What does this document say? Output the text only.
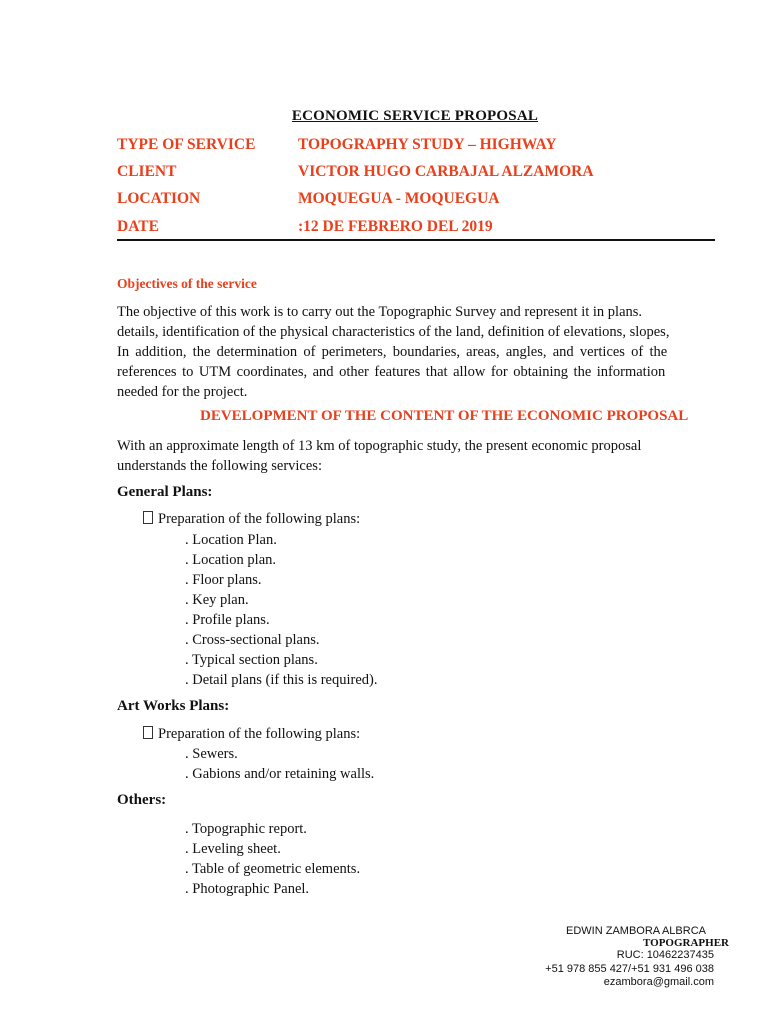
ECONOMIC SERVICE PROPOSAL
TYPE OF SERVICE	TOPOGRAPHY STUDY – HIGHWAY
CLIENT	VICTOR HUGO CARBAJAL ALZAMORA
LOCATION	MOQUEGUA - MOQUEGUA
DATE	:12 DE FEBRERO DEL 2019
Objectives of the service
The objective of this work is to carry out the Topographic Survey and represent it in plans.
details, identification of the physical characteristics of the land, definition of elevations, slopes,
In addition, the determination of perimeters, boundaries, areas, angles, and vertices of the
references to UTM coordinates, and other features that allow for obtaining the information
needed for the project.
DEVELOPMENT OF THE CONTENT OF THE ECONOMIC PROPOSAL
With an approximate length of 13 km of topographic study, the present economic proposal
understands the following services:
General Plans:
Preparation of the following plans:
. Location Plan.
. Location plan.
. Floor plans.
. Key plan.
. Profile plans.
. Cross-sectional plans.
. Typical section plans.
. Detail plans (if this is required).
Art Works Plans:
Preparation of the following plans:
. Sewers.
. Gabions and/or retaining walls.
Others:
. Topographic report.
. Leveling sheet.
. Table of geometric elements.
. Photographic Panel.
EDWIN ZAMBORA ALBRCA
TOPOGRAPHER
RUC: 10462237435
+51 978 855 427/+51 931 496 038
ezambora@gmail.com
